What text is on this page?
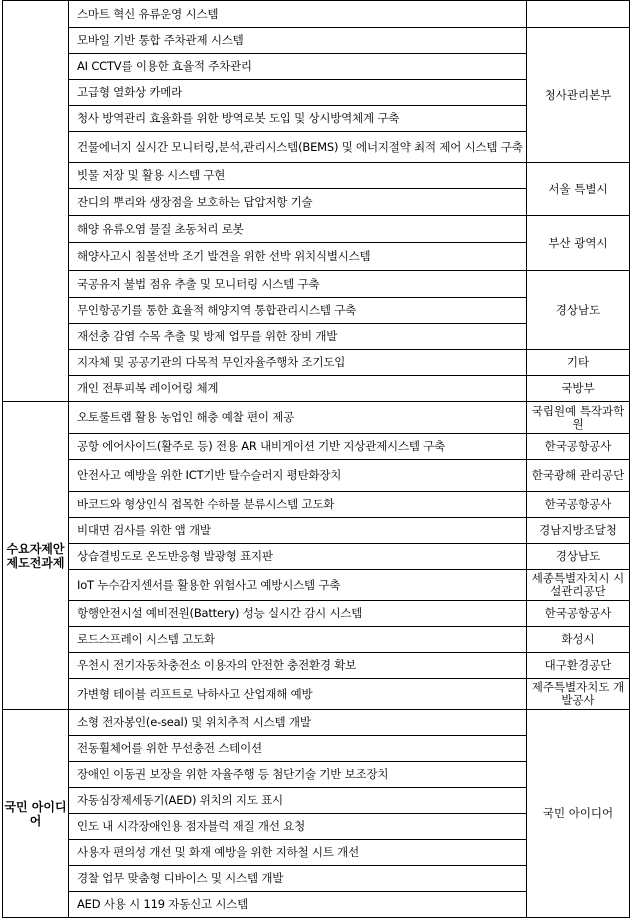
	스마트 혁신 유류운영 시스템	
	모바일 기반 통합 주차관제 시스템	청사관리본부
	AI CCTV를 이용한 효율적 주차관리	
	고급형 열화상 카메라	
	청사 방역관리 효율화를 위한 방역로봇 도입 및 상시방역체계 구축	
	건물에너지 실시간 모니터링,분석,관리시스템(BEMS) 및 에너지절약 최적 제어 시스템 구축	
	빗물 저장 및 활용 시스템 구현	서울 특별시
	잔디의 뿌리와 생장점을 보호하는 답압저항 기술	
	해양 유류오염 물질 초동처리 로봇	부산 광역시
	해양사고시 침몰선박 조기 발견을 위한 선박 위치식별시스템	
	국공유지 불법 점유 추출 및 모니터링 시스템 구축	경상남도
	무인항공기를 통한 효율적 해양지역 통합관리시스템 구축	
	재선충 감염 수목 추출 및 방제 업무를 위한 장비 개발	
	지자체 및 공공기관의 다목적 무인자율주행차 조기도입	기타
	개인 전투피복 레이어링 체계	국방부
수요자제안 제도전과제	오토룰트랩 활용 농업인 해충 예찰 편이 제공	국립원예 특작과학원
	공항 에어사이드(활주로 등) 전용 AR 내비게이션 기반 지상관제시스템 구축	한국공항공사
	안전사고 예방을 위한 ICT기반 탈수슬러지 평탄화장치	한국광해 관리공단
	바코드와 형상인식 접목한 수하물 분류시스템 고도화	한국공항공사
	비대면 검사를 위한 앱 개발	경남지방조달청
	상습결빙도로 온도반응형 발광형 표지판	경상남도
	IoT 누수감지센서를 활용한 위험사고 예방시스템 구축	세종특별자치시 시설관리공단
	항행안전시설 예비전원(Battery) 성능 실시간 감시 시스템	한국공항공사
	로드스프레이 시스템 고도화	화성시
	우천시 전기자동차충전소 이용자의 안전한 충전환경 확보	대구환경공단
	가변형 테이블 리프트로 낙하사고 산업재해 예방	제주특별자치도 개발공사
국민 아이디어	소형 전자봉인(e-seal) 및 위치추적 시스템 개발	국민 아이디어
	전동휠체어를 위한 무선충전 스테이션	
	장애인 이동권 보장을 위한 자율주행 등 첨단기술 기반 보조장치	
	자동심장제세동기(AED) 위치의 지도 표시	
	인도 내 시각장애인용 점자블럭 재질 개선 요청	
	사용자 편의성 개선 및 화재 예방을 위한 지하철 시트 개선	
	경찰 업무 맞춤형 디바이스 및 시스템 개발	
	AED 사용 시 119 자동신고 시스템	
